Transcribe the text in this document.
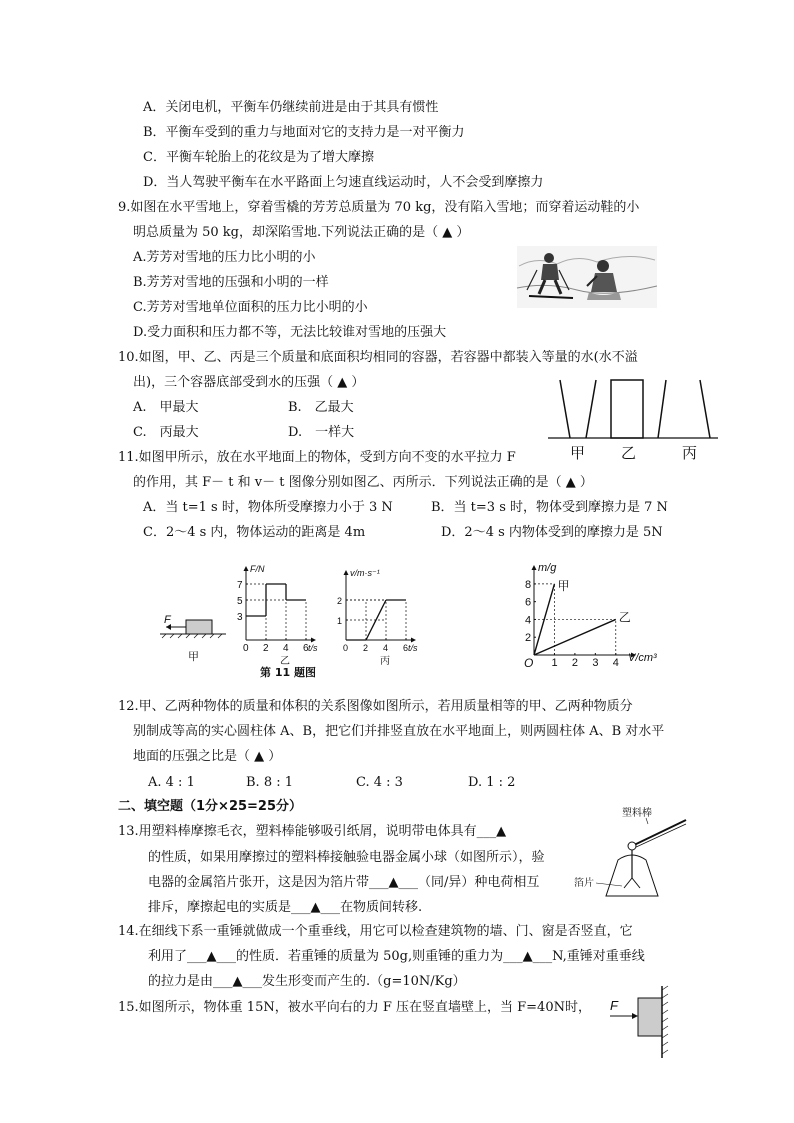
A．关闭电机，平衡车仍继续前进是由于其具有惯性
B．平衡车受到的重力与地面对它的支持力是一对平衡力
C．平衡车轮胎上的花纹是为了增大摩擦
D．当人驾驶平衡车在水平路面上匀速直线运动时，人不会受到摩擦力
9.如图在水平雪地上，穿着雪橇的芳芳总质量为 70 kg，没有陷入雪地；而穿着运动鞋的小
明总质量为 50 kg，却深陷雪地.下列说法正确的是（ ▲ ）
A.芳芳对雪地的压力比小明的小
B.芳芳对雪地的压强和小明的一样
C.芳芳对雪地单位面积的压力比小明的小
D.受力面积和压力都不等，无法比较谁对雪地的压强大
10.如图，甲、乙、丙是三个质量和底面积均相同的容器，若容器中都装入等量的水(水不溢
出)，三个容器底部受到水的压强（ ▲ ）
A.　甲最大	B.　乙最大
C.　丙最大	D.　一样大
甲 乙	丙
11.如图甲所示，放在水平地面上的物体，受到方向不变的水平拉力 F
的作用，其 F－ t 和 v－ t 图像分别如图乙、丙所示．下列说法正确的是（ ▲ ）
A．当 t=1 s 时，物体所受摩擦力小于 3 N	B．当 t=3 s 时，物体受到摩擦力是 7 N
C．2～4 s 内，物体运动的距离是 4m	D．2～4 s 内物体受到的摩擦力是 5N
F
甲
F/N
t/s
0 2 4 6
3
5
7
乙
v/m·s⁻¹
t/s
0 2 4 6
1
2
丙
m/g
V/cm³
1 2 3 4
2
4
6
8
O
甲
乙
第 11 题图
12.甲、乙两种物体的质量和体积的关系图像如图所示，若用质量相等的甲、乙两种物质分
别制成等高的实心圆柱体 A、B，把它们并排竖直放在水平地面上，则两圆柱体 A、B 对水平
地面的压强之比是（ ▲ ）
A. 4 : 1	B. 8 : 1	C. 4 : 3	D. 1 : 2
二、填空题（1分×25=25分）
13.用塑料棒摩擦毛衣，塑料棒能够吸引纸屑，说明带电体具有___▲
的性质，如果用摩擦过的塑料棒接触验电器金属小球（如图所示），验
电器的金属箔片张开，这是因为箔片带___▲___（同/异）种电荷相互
排斥，摩擦起电的实质是___▲___在物质间转移.
塑料棒
箔片
14.在细线下系一重锤就做成一个重垂线，用它可以检查建筑物的墙、门、窗是否竖直，它
利用了___▲___的性质．若重锤的质量为 50g,则重锤的重力为___▲___N,重锤对重垂线
的拉力是由___▲___发生形变而产生的.（g=10N/Kg）
15.如图所示，物体重 15N，被水平向右的力 F 压在竖直墙壁上，当 F=40N时， F
